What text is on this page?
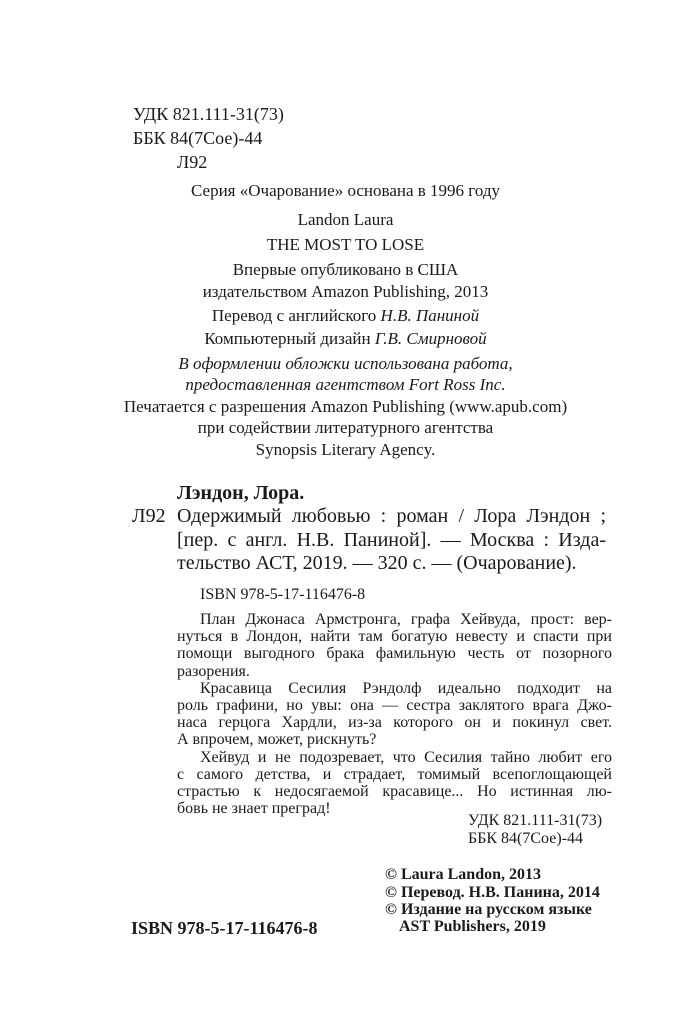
УДК 821.111-31(73)
ББК 84(7Сое)-44
Л92
Серия «Очарование» основана в 1996 году
Landon Laura
THE MOST TO LOSE
Впервые опубликовано в США
издательством Amazon Publishing, 2013
Перевод с английского Н.В. Паниной
Компьютерный дизайн Г.В. Смирновой
В оформлении обложки использована работа,
предоставленная агентством Fort Ross Inc.
Печатается с разрешения Amazon Publishing (www.apub.com)
при содействии литературного агентства
Synopsis Literary Agency.
Лэндон, Лора.
Л92 Одержимый любовью : роман / Лора Лэндон ;
[пер. с англ. Н.В. Паниной]. — Москва : Изда-
тельство АСТ, 2019. — 320 с. — (Очарование).
ISBN 978-5-17-116476-8
План Джонаса Армстронга, графа Хейвуда, прост: вер-
нуться в Лондон, найти там богатую невесту и спасти при
помощи выгодного брака фамильную честь от позорного
разорения.
Красавица Сесилия Рэндолф идеально подходит на
роль графини, но увы: она — сестра заклятого врага Джо-
наса герцога Хардли, из-за которого он и покинул свет.
А впрочем, может, рискнуть?
Хейвуд и не подозревает, что Сесилия тайно любит его
с самого детства, и страдает, томимый всепоглощающей
страстью к недосягаемой красавице... Но истинная лю-
бовь не знает преград!
УДК 821.111-31(73)
ББК 84(7Сое)-44
© Laura Landon, 2013
© Перевод. Н.В. Панина, 2014
© Издание на русском языке
AST Publishers, 2019
ISBN 978-5-17-116476-8
